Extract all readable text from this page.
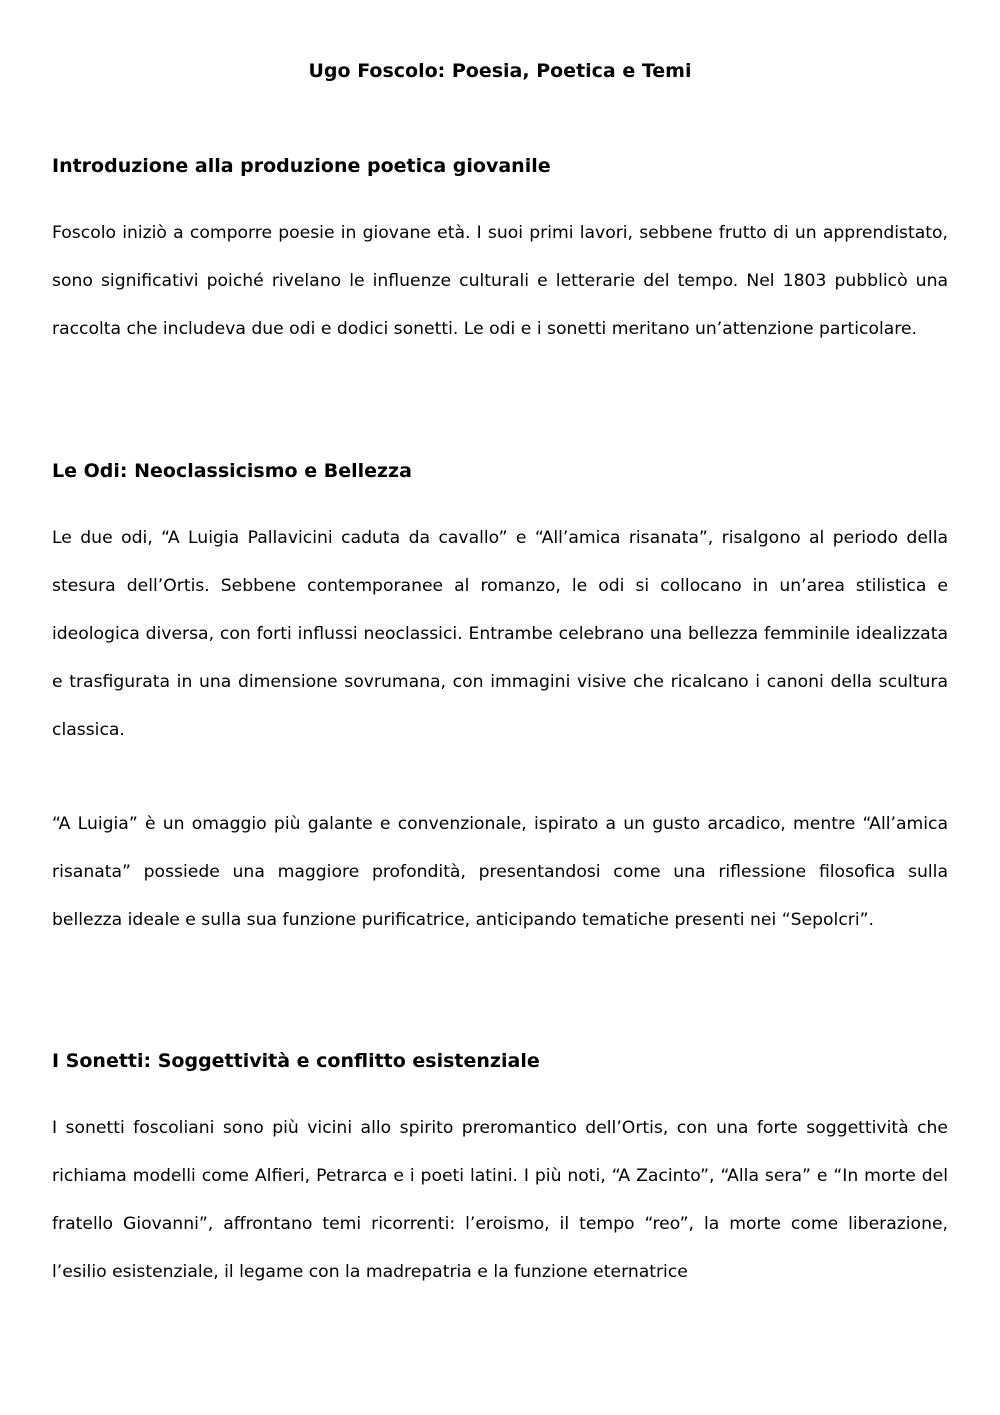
Ugo Foscolo: Poesia, Poetica e Temi
Introduzione alla produzione poetica giovanile

Foscolo iniziò a comporre poesie in giovane età. I suoi primi lavori, sebbene frutto di un apprendistato, sono significativi poiché rivelano le influenze culturali e letterarie del tempo. Nel 1803 pubblicò una raccolta che includeva due odi e dodici sonetti. Le odi e i sonetti meritano un’attenzione particolare.

Le Odi: Neoclassicismo e Bellezza

Le due odi, “A Luigia Pallavicini caduta da cavallo” e “All’amica risanata”, risalgono al periodo della stesura dell’Ortis. Sebbene contemporanee al romanzo, le odi si collocano in un’area stilistica e ideologica diversa, con forti influssi neoclassici. Entrambe celebrano una bellezza femminile idealizzata e trasfigurata in una dimensione sovrumana, con immagini visive che ricalcano i canoni della scultura classica.

“A Luigia” è un omaggio più galante e convenzionale, ispirato a un gusto arcadico, mentre “All’amica risanata” possiede una maggiore profondità, presentandosi come una riflessione filosofica sulla bellezza ideale e sulla sua funzione purificatrice, anticipando tematiche presenti nei “Sepolcri”.

I Sonetti: Soggettività e conflitto esistenziale

I sonetti foscoliani sono più vicini allo spirito preromantico dell’Ortis, con una forte soggettività che richiama modelli come Alfieri, Petrarca e i poeti latini. I più noti, “A Zacinto”, “Alla sera” e “In morte del fratello Giovanni”, affrontano temi ricorrenti: l’eroismo, il tempo “reo”, la morte come liberazione, l’esilio esistenziale, il legame con la madrepatria e la funzione eternatrice
